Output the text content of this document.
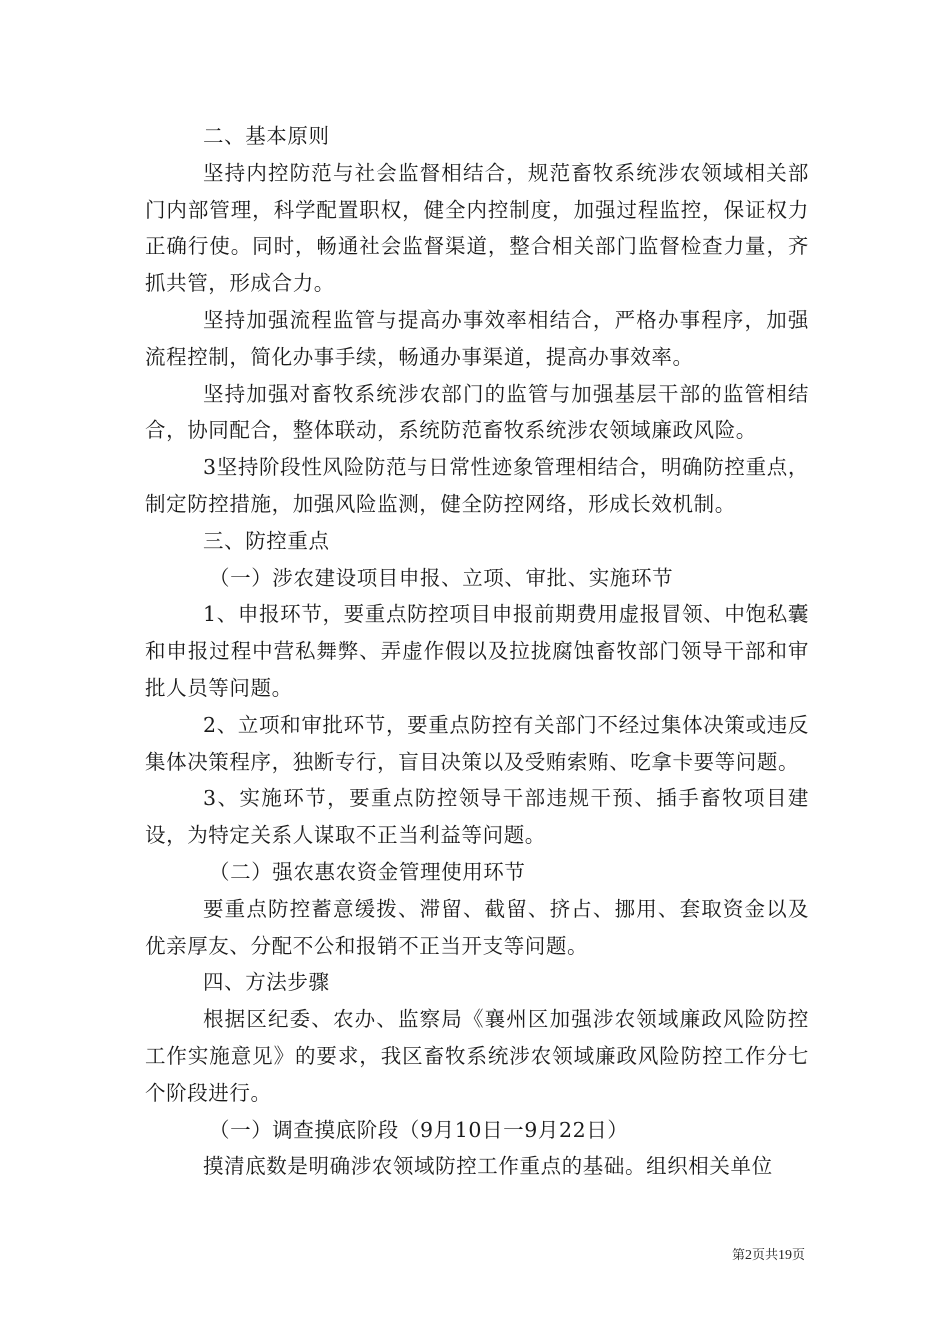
二、基本原则

坚持内控防范与社会监督相结合，规范畜牧系统涉农领域相关部门内部管理，科学配置职权，健全内控制度，加强过程监控，保证权力正确行使。同时，畅通社会监督渠道，整合相关部门监督检查力量，齐抓共管，形成合力。

坚持加强流程监管与提高办事效率相结合，严格办事程序，加强流程控制，简化办事手续，畅通办事渠道，提高办事效率。

坚持加强对畜牧系统涉农部门的监管与加强基层干部的监管相结合，协同配合，整体联动，系统防范畜牧系统涉农领域廉政风险。

3坚持阶段性风险防范与日常性迹象管理相结合，明确防控重点，制定防控措施，加强风险监测，健全防控网络，形成长效机制。

三、防控重点

（一）涉农建设项目申报、立项、审批、实施环节

1、申报环节，要重点防控项目申报前期费用虚报冒领、中饱私囊和申报过程中营私舞弊、弄虚作假以及拉拢腐蚀畜牧部门领导干部和审批人员等问题。

2、立项和审批环节，要重点防控有关部门不经过集体决策或违反集体决策程序，独断专行，盲目决策以及受贿索贿、吃拿卡要等问题。

3、实施环节，要重点防控领导干部违规干预、插手畜牧项目建设，为特定关系人谋取不正当利益等问题。

（二）强农惠农资金管理使用环节

要重点防控蓄意缓拨、滞留、截留、挤占、挪用、套取资金以及优亲厚友、分配不公和报销不正当开支等问题。

四、方法步骤

根据区纪委、农办、监察局《襄州区加强涉农领域廉政风险防控工作实施意见》的要求，我区畜牧系统涉农领域廉政风险防控工作分七个阶段进行。

（一）调查摸底阶段（9月10日一9月22日）

摸清底数是明确涉农领域防控工作重点的基础。组织相关单位

第2页共19页
